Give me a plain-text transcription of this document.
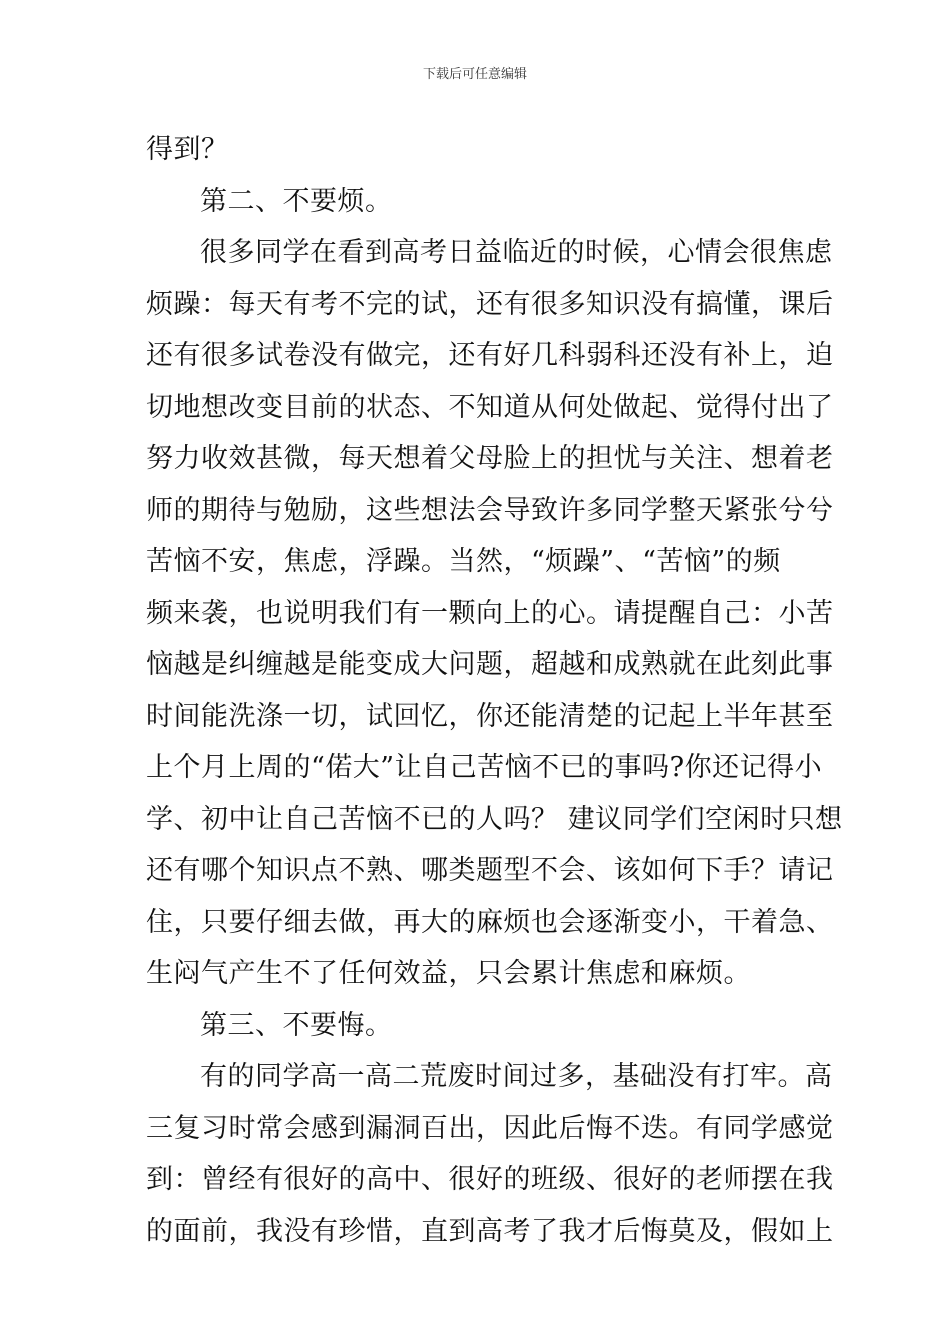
下载后可任意编辑

得到？

第二、不要烦。

很多同学在看到高考日益临近的时候，心情会很焦虑
烦躁：每天有考不完的试，还有很多知识没有搞懂，课后
还有很多试卷没有做完，还有好几科弱科还没有补上，迫
切地想改变目前的状态、不知道从何处做起、觉得付出了
努力收效甚微，每天想着父母脸上的担忧与关注、想着老
师的期待与勉励，这些想法会导致许多同学整天紧张兮兮
苦恼不安，焦虑，浮躁。当然，“烦躁”、“苦恼”的频
频来袭，也说明我们有一颗向上的心。请提醒自己：小苦
恼越是纠缠越是能变成大问题，超越和成熟就在此刻此事
时间能洗涤一切，试回忆，你还能清楚的记起上半年甚至
上个月上周的“偌大”让自己苦恼不已的事吗?你还记得小
学、初中让自己苦恼不已的人吗？ 建议同学们空闲时只想
还有哪个知识点不熟、哪类题型不会、该如何下手？请记
住，只要仔细去做，再大的麻烦也会逐渐变小，干着急、
生闷气产生不了任何效益，只会累计焦虑和麻烦。

第三、不要悔。

有的同学高一高二荒废时间过多，基础没有打牢。高
三复习时常会感到漏洞百出，因此后悔不迭。有同学感觉
到：曾经有很好的高中、很好的班级、很好的老师摆在我
的面前，我没有珍惜，直到高考了我才后悔莫及，假如上
